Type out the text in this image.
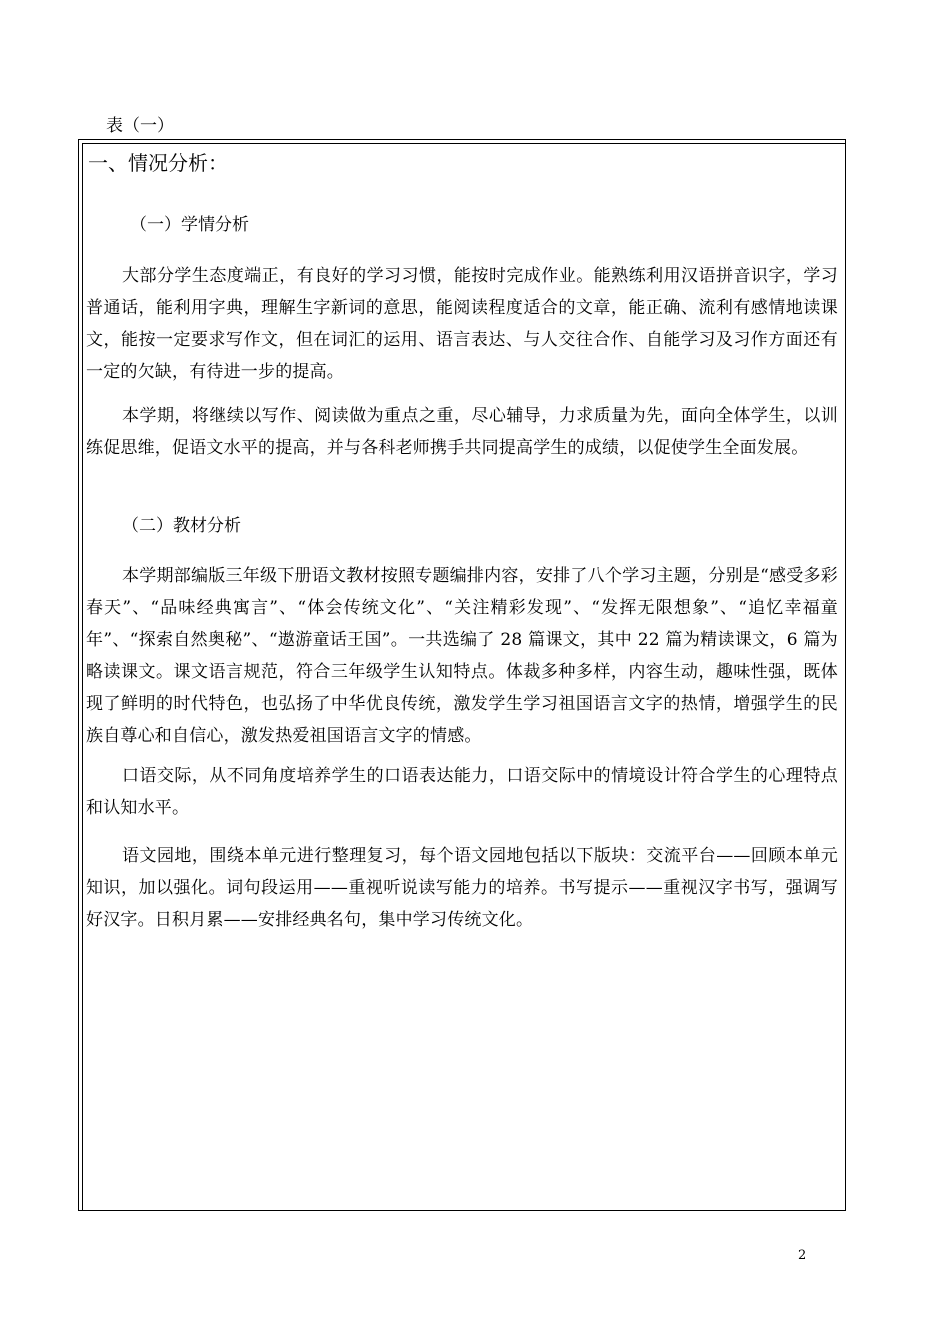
表（一）
一、情况分析：
（一）学情分析
大部分学生态度端正，有良好的学习习惯，能按时完成作业。能熟练利用汉语拼音识字，学习普通话，能利用字典，理解生字新词的意思，能阅读程度适合的文章，能正确、流利有感情地读课文，能按一定要求写作文，但在词汇的运用、语言表达、与人交往合作、自能学习及习作方面还有一定的欠缺，有待进一步的提高。
本学期，将继续以写作、阅读做为重点之重，尽心辅导，力求质量为先，面向全体学生，以训练促思维，促语文水平的提高，并与各科老师携手共同提高学生的成绩，以促使学生全面发展。
（二）教材分析
本学期部编版三年级下册语文教材按照专题编排内容，安排了八个学习主题，分别是“感受多彩春天”、“品味经典寓言”、“体会传统文化”、“关注精彩发现”、“发挥无限想象”、“追忆幸福童年”、“探索自然奥秘”、“遨游童话王国”。一共选编了 28 篇课文，其中 22 篇为精读课文，6 篇为略读课文。课文语言规范，符合三年级学生认知特点。体裁多种多样，内容生动，趣味性强，既体现了鲜明的时代特色，也弘扬了中华优良传统，激发学生学习祖国语言文字的热情，增强学生的民族自尊心和自信心，激发热爱祖国语言文字的情感。
口语交际，从不同角度培养学生的口语表达能力，口语交际中的情境设计符合学生的心理特点和认知水平。
语文园地，围绕本单元进行整理复习，每个语文园地包括以下版块：交流平台——回顾本单元知识，加以强化。词句段运用——重视听说读写能力的培养。书写提示——重视汉字书写，强调写好汉字。日积月累——安排经典名句，集中学习传统文化。
2
